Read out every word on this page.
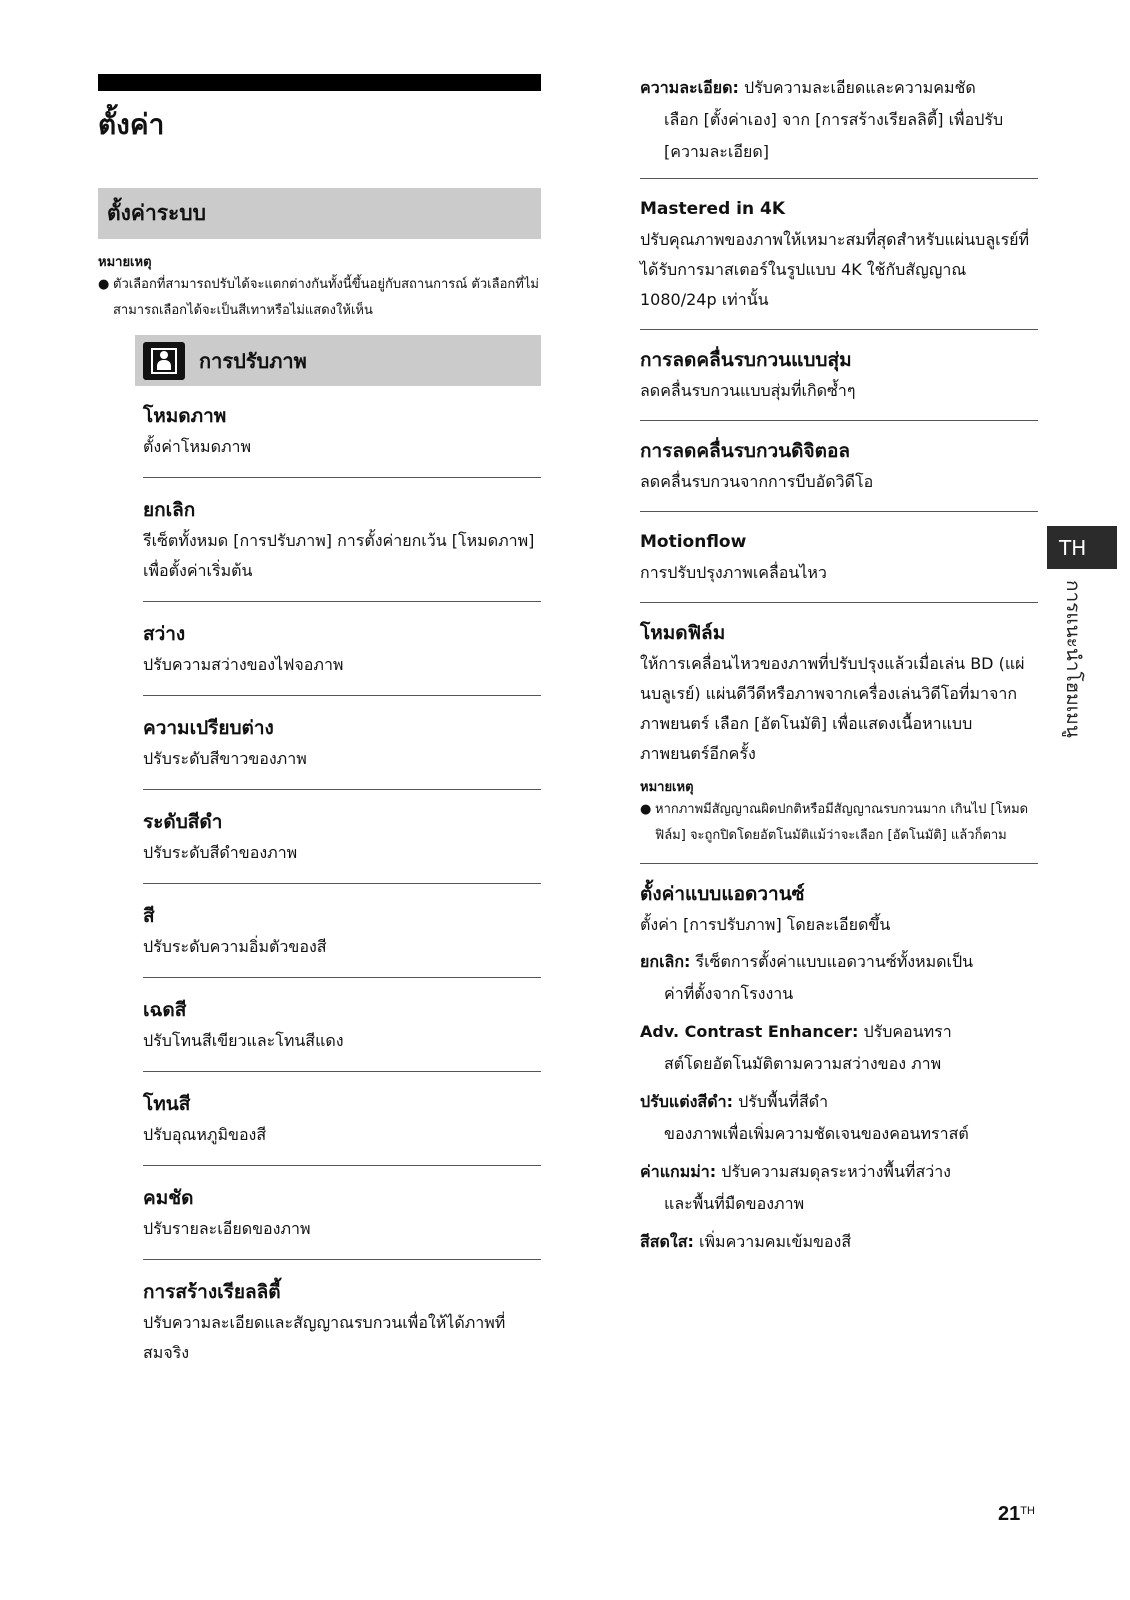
ตั้งค่า
ตั้งค่าระบบ
หมายเหตุ
● ตัวเลือกที่สามารถปรับได้จะแตกต่างกันทั้งนี้ขึ้นอยู่กับสถานการณ์ ตัวเลือกที่ไม่สามารถเลือกได้จะเป็นสีเทาหรือไม่แสดงให้เห็น
การปรับภาพ
โหมดภาพ
ตั้งค่าโหมดภาพ
ยกเลิก
รีเซ็ตทั้งหมด [การปรับภาพ] การตั้งค่ายกเว้น [โหมดภาพ] เพื่อตั้งค่าเริ่มต้น
สว่าง
ปรับความสว่างของไฟจอภาพ
ความเปรียบต่าง
ปรับระดับสีขาวของภาพ
ระดับสีดำ
ปรับระดับสีดำของภาพ
สี
ปรับระดับความอิ่มตัวของสี
เฉดสี
ปรับโทนสีเขียวและโทนสีแดง
โทนสี
ปรับอุณหภูมิของสี
คมชัด
ปรับรายละเอียดของภาพ
การสร้างเรียลลิตี้
ปรับความละเอียดและสัญญาณรบกวนเพื่อให้ได้ภาพที่สมจริง
ความละเอียด: ปรับความละเอียดและความคมชัด
เลือก [ตั้งค่าเอง] จาก [การสร้างเรียลลิตี้] เพื่อปรับ [ความละเอียด]
Mastered in 4K
ปรับคุณภาพของภาพให้เหมาะสมที่สุดสำหรับแผ่นบลูเรย์ที่ได้รับการมาสเตอร์ในรูปแบบ 4K ใช้กับสัญญาณ 1080/24p เท่านั้น
การลดคลื่นรบกวนแบบสุ่ม
ลดคลื่นรบกวนแบบสุ่มที่เกิดซ้ำๆ
การลดคลื่นรบกวนดิจิตอล
ลดคลื่นรบกวนจากการบีบอัดวิดีโอ
Motionflow
การปรับปรุงภาพเคลื่อนไหว
โหมดฟิล์ม
ให้การเคลื่อนไหวของภาพที่ปรับปรุงแล้วเมื่อเล่น BD (แผ่นบลูเรย์) แผ่นดีวีดีหรือภาพจากเครื่องเล่นวิดีโอที่มาจากภาพยนตร์ เลือก [อัตโนมัติ] เพื่อแสดงเนื้อหาแบบภาพยนตร์อีกครั้ง
หมายเหตุ
● หากภาพมีสัญญาณผิดปกติหรือมีสัญญาณรบกวนมาก เกินไป [โหมดฟิล์ม] จะถูกปิดโดยอัตโนมัติแม้ว่าจะเลือก [อัตโนมัติ] แล้วก็ตาม
ตั้งค่าแบบแอดวานซ์
ตั้งค่า [การปรับภาพ] โดยละเอียดขึ้น
ยกเลิก: รีเซ็ตการตั้งค่าแบบแอดวานซ์ทั้งหมดเป็น
ค่าที่ตั้งจากโรงงาน
Adv. Contrast Enhancer: ปรับคอนทรา
สต์โดยอัตโนมัติตามความสว่างของ ภาพ
ปรับแต่งสีดำ: ปรับพื้นที่สีดำ
ของภาพเพื่อเพิ่มความชัดเจนของคอนทราสต์
ค่าแกมม่า: ปรับความสมดุลระหว่างพื้นที่สว่าง
และพื้นที่มืดของภาพ
สีสดใส: เพิ่มความคมเข้มของสี
TH
การแนะนำโฮมเมนู
21TH
